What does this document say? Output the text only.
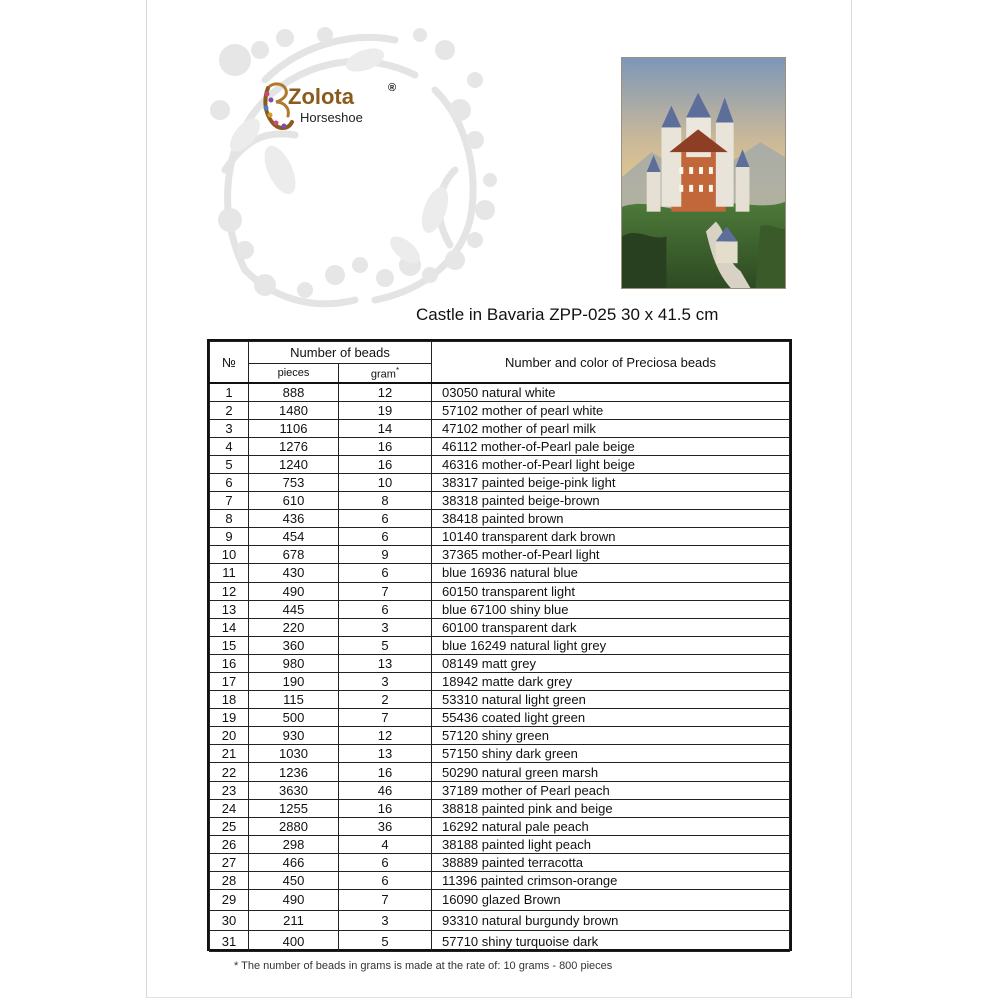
Zolota	®
Horseshoe
Castle in Bavaria ZPP-025 30 x 41.5 cm
№	Number of beads		Number and color of Preciosa beads
	pieces	gram*
1	888	12	03050 natural white
2	1480	19	57102 mother of pearl white
3	1106	14	47102 mother of pearl milk
4	1276	16	46112 mother-of-Pearl pale beige
5	1240	16	46316 mother-of-Pearl light beige
6	753	10	38317 painted beige-pink light
7	610	8	38318 painted beige-brown
8	436	6	38418 painted brown
9	454	6	10140 transparent dark brown
10	678	9	37365 mother-of-Pearl light
11	430	6	blue 16936 natural blue
12	490	7	60150 transparent light
13	445	6	blue 67100 shiny blue
14	220	3	60100 transparent dark
15	360	5	blue 16249 natural light grey
16	980	13	08149 matt grey
17	190	3	18942 matte dark grey
18	115	2	53310 natural light green
19	500	7	55436 coated light green
20	930	12	57120 shiny green
21	1030	13	57150 shiny dark green
22	1236	16	50290 natural green marsh
23	3630	46	37189 mother of Pearl peach
24	1255	16	38818 painted pink and beige
25	2880	36	16292 natural pale peach
26	298	4	38188 painted light peach
27	466	6	38889 painted terracotta
28	450	6	11396 painted crimson-orange
29	490	7	16090 glazed Brown
30	211	3	93310 natural burgundy brown
31	400	5	57710 shiny turquoise dark
* The number of beads in grams is made at the rate of: 10 grams - 800 pieces
